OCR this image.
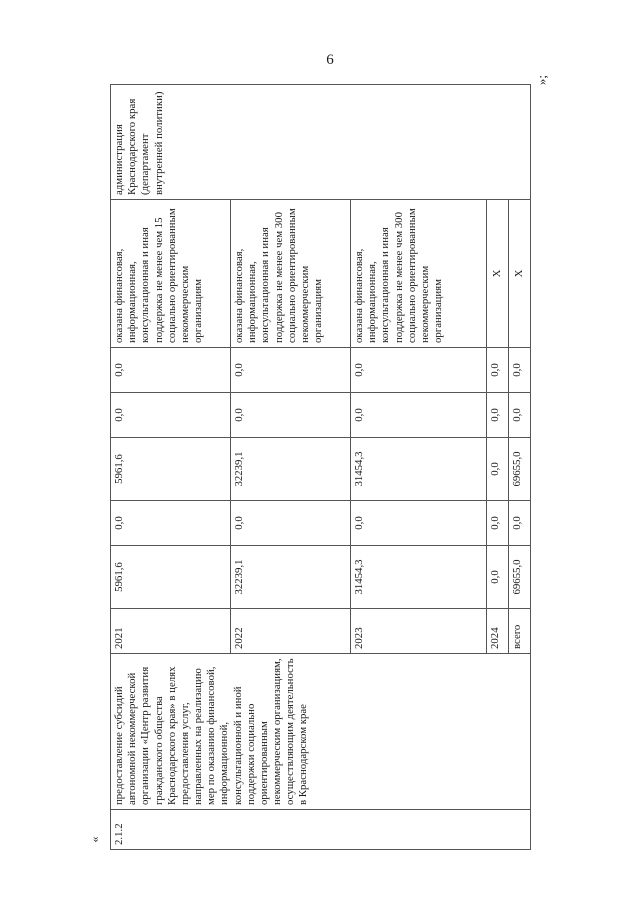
6
«
»;
2.1.2	предоставление субсидий автономной некоммерческой организации «Центр развития гражданского общества Краснодарского края» в целях предоставления услуг, направленных на реализацию мер по оказанию финансовой, информационной, консультационной и иной поддержки социально ориентированным некоммерческим организациям, осуществляющим деятельность в Краснодарском крае	2021	5961,6	0,0	5961,6	0,0	0,0	оказана финансовая, информационная, консультационная и иная поддержка не менее чем 15 социально ориентированным некоммерческим организациям	администрация Краснодарского края (департамент внутренней политики)
		2022	32239,1	0,0	32239,1	0,0	0,0	оказана финансовая, информационная, консультационная и иная поддержка не менее чем 300 социально ориентированным некоммерческим организациям	
		2023	31454,3	0,0	31454,3	0,0	0,0	оказана финансовая, информационная, консультационная и иная поддержка не менее чем 300 социально ориентированным некоммерческим организациям	
		2024	0,0	0,0	0,0	0,0	0,0	X	
		всего	69655,0	0,0	69655,0	0,0	0,0	X	
